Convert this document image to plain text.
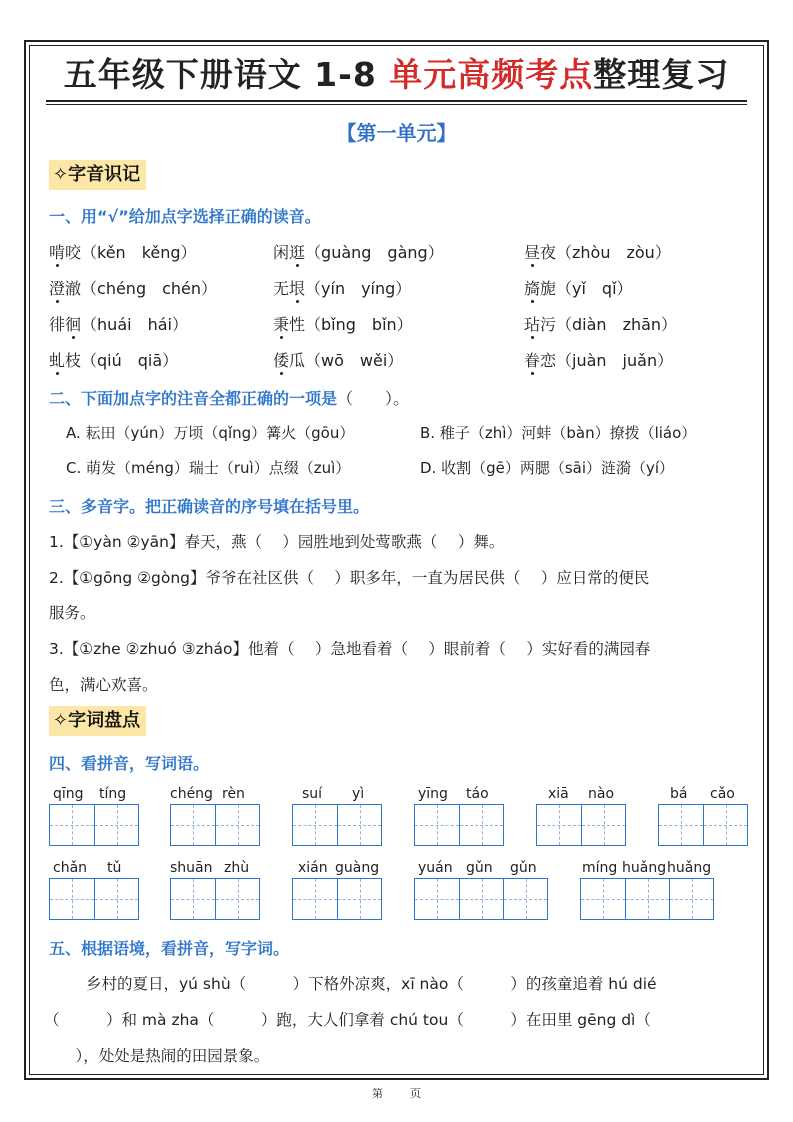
五年级下册语文 1-8 单元高频考点整理复习
【第一单元】
✧字音识记
一、用“√”给加点字选择正确的读音。
啃咬（kěn　kěng）	闲逛（guàng　gàng）	昼夜（zhòu　zòu）
澄澈（chéng　chén）	无垠（yín　yíng）	旖旎（yǐ　qǐ）
徘徊（huái　hái）	秉性（bǐng　bǐn）	玷污（diàn　zhān）
虬枝（qiú　qiā）	倭瓜（wō　wěi）	眷恋（juàn　juǎn）
二、下面加点字的注音全都正确的一项是（　　）。
A. 耘田（yún）万顷（qǐng）篝火（gōu）	B. 稚子（zhì）河蚌（bàn）撩拨（liáo）
C. 萌发（méng）瑞士（ruì）点缀（zuì）	D. 收割（gē）两腮（sāi）涟漪（yí）
三、多音字。把正确读音的序号填在括号里。
1.【①yàn ②yān】春天，燕（　 ）园胜地到处莺歌燕（　 ）舞。
2.【①gōng ②gòng】爷爷在社区供（　 ）职多年，一直为居民供（　 ）应日常的便民
服务。
3.【①zhe ②zhuó ③zháo】他着（　 ）急地看着（　 ）眼前着（　 ）实好看的满园春
色，满心欢喜。
✧字词盘点
四、看拼音，写词语。
qīng tíng	chéng rèn	suí yì	yīng táo	xiā nào	bá cǎo
chǎn tǔ	shuān zhù	xián guàng	yuán gǔn gǔn	míng huǎng huǎng
五、根据语境，看拼音，写字词。
乡村的夏日，yú shù（　　　）下格外凉爽，xī nào（　　　）的孩童追着 hú dié
（　　　）和 mà zha（　　　）跑，大人们拿着 chú tou（　　　）在田里 gēng dì（
　），处处是热闹的田园景象。
第 页
